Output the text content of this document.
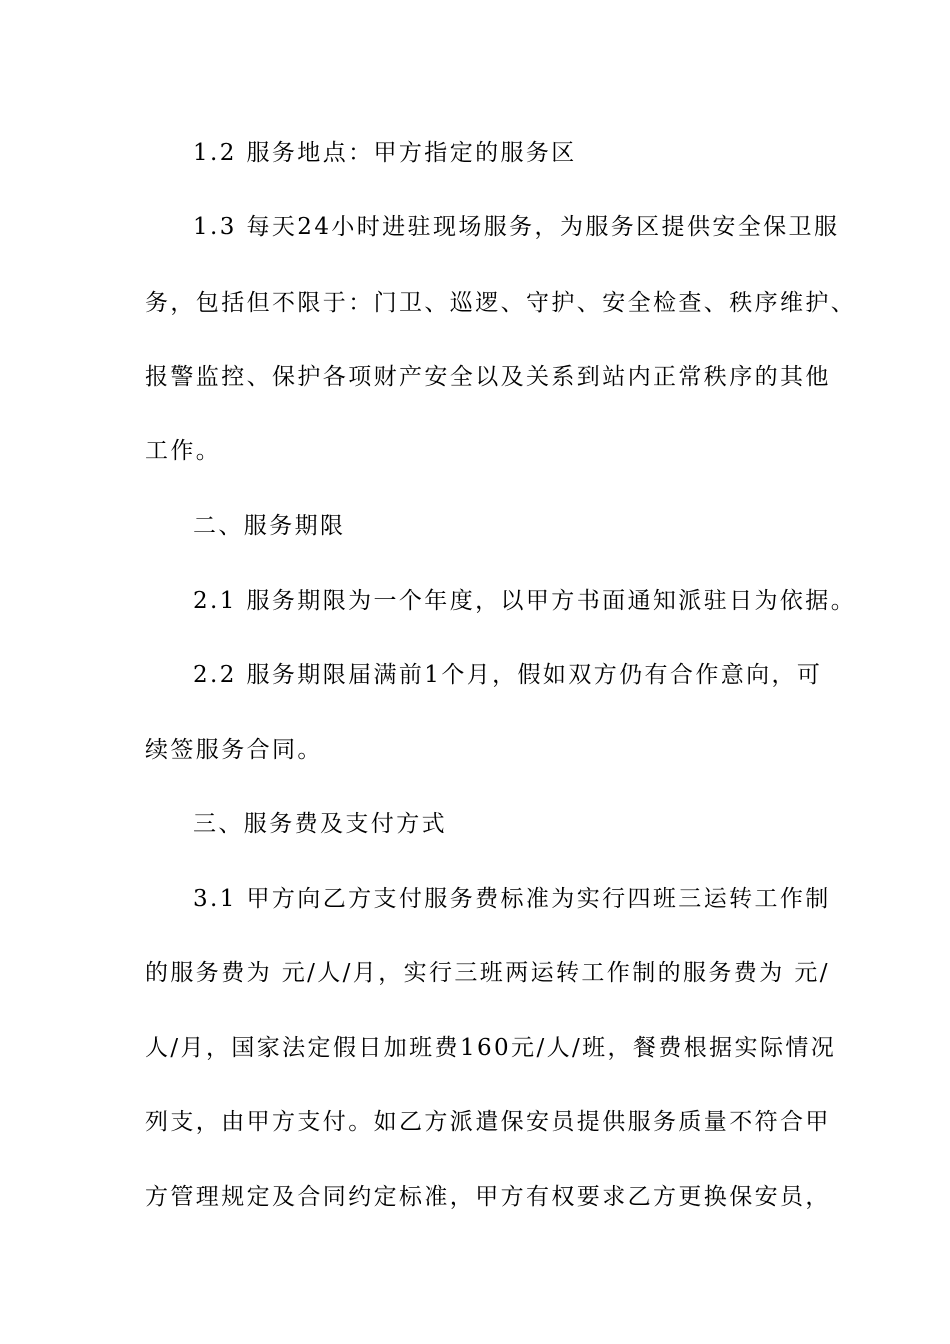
1.2 服务地点：甲方指定的服务区

1.3 每天24小时进驻现场服务，为服务区提供安全保卫服

务，包括但不限于：门卫、巡逻、守护、安全检查、秩序维护、

报警监控、保护各项财产安全以及关系到站内正常秩序的其他

工作。

二、服务期限

2.1 服务期限为一个年度，以甲方书面通知派驻日为依据。

2.2 服务期限届满前1个月，假如双方仍有合作意向，可

续签服务合同。

三、服务费及支付方式

3.1 甲方向乙方支付服务费标准为实行四班三运转工作制

的服务费为 元/人/月，实行三班两运转工作制的服务费为 元/

人/月，国家法定假日加班费160元/人/班，餐费根据实际情况

列支，由甲方支付。如乙方派遣保安员提供服务质量不符合甲

方管理规定及合同约定标准，甲方有权要求乙方更换保安员，
